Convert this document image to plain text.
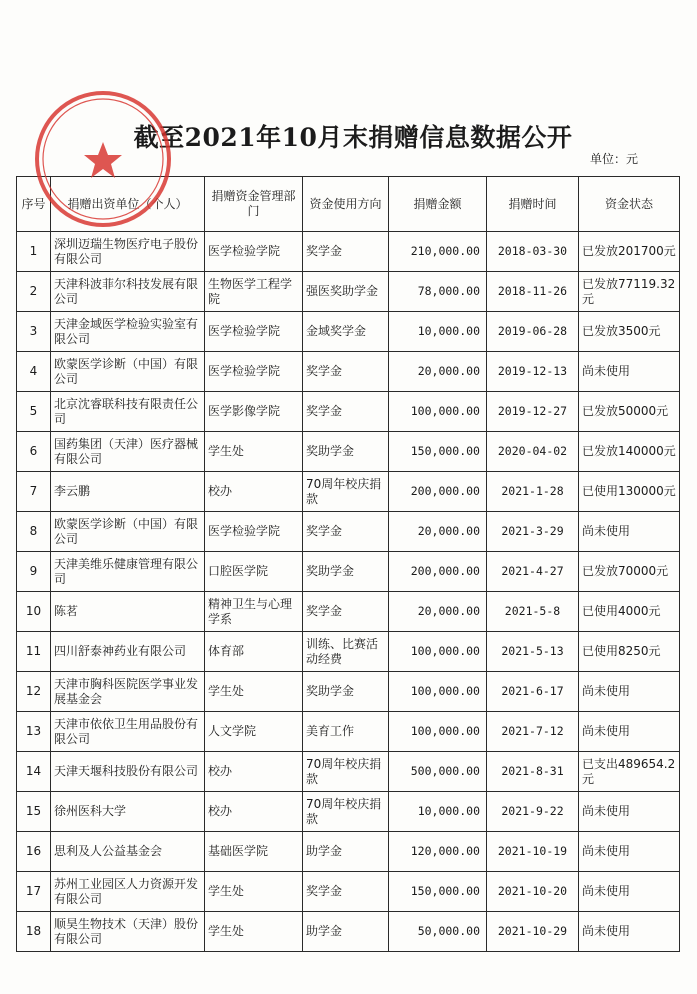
截至2021年10月末捐赠信息数据公开
单位：元
序号	捐赠出资单位（个人）	捐赠资金管理部门	资金使用方向	捐赠金额	捐赠时间	资金状态
1	深圳迈瑞生物医疗电子股份有限公司	医学检验学院	奖学金	210,000.00	2018-03-30	已发放201700元
2	天津科波菲尔科技发展有限公司	生物医学工程学院	强医奖助学金	78,000.00	2018-11-26	已发放77119.32元
3	天津金域医学检验实验室有限公司	医学检验学院	金域奖学金	10,000.00	2019-06-28	已发放3500元
4	欧蒙医学诊断（中国）有限公司	医学检验学院	奖学金	20,000.00	2019-12-13	尚未使用
5	北京沈睿联科技有限责任公司	医学影像学院	奖学金	100,000.00	2019-12-27	已发放50000元
6	国药集团（天津）医疗器械有限公司	学生处	奖助学金	150,000.00	2020-04-02	已发放140000元
7	李云鹏	校办	70周年校庆捐款	200,000.00	2021-1-28	已使用130000元
8	欧蒙医学诊断（中国）有限公司	医学检验学院	奖学金	20,000.00	2021-3-29	尚未使用
9	天津美维乐健康管理有限公司	口腔医学院	奖助学金	200,000.00	2021-4-27	已发放70000元
10	陈茗	精神卫生与心理学系	奖学金	20,000.00	2021-5-8	已使用4000元
11	四川舒泰神药业有限公司	体育部	训练、比赛活动经费	100,000.00	2021-5-13	已使用8250元
12	天津市胸科医院医学事业发展基金会	学生处	奖助学金	100,000.00	2021-6-17	尚未使用
13	天津市依依卫生用品股份有限公司	人文学院	美育工作	100,000.00	2021-7-12	尚未使用
14	天津天堰科技股份有限公司	校办	70周年校庆捐款	500,000.00	2021-8-31	已支出489654.2元
15	徐州医科大学	校办	70周年校庆捐款	10,000.00	2021-9-22	尚未使用
16	思利及人公益基金会	基础医学院	助学金	120,000.00	2021-10-19	尚未使用
17	苏州工业园区人力资源开发有限公司	学生处	奖学金	150,000.00	2021-10-20	尚未使用
18	顺昊生物技术（天津）股份有限公司	学生处	助学金	50,000.00	2021-10-29	尚未使用
